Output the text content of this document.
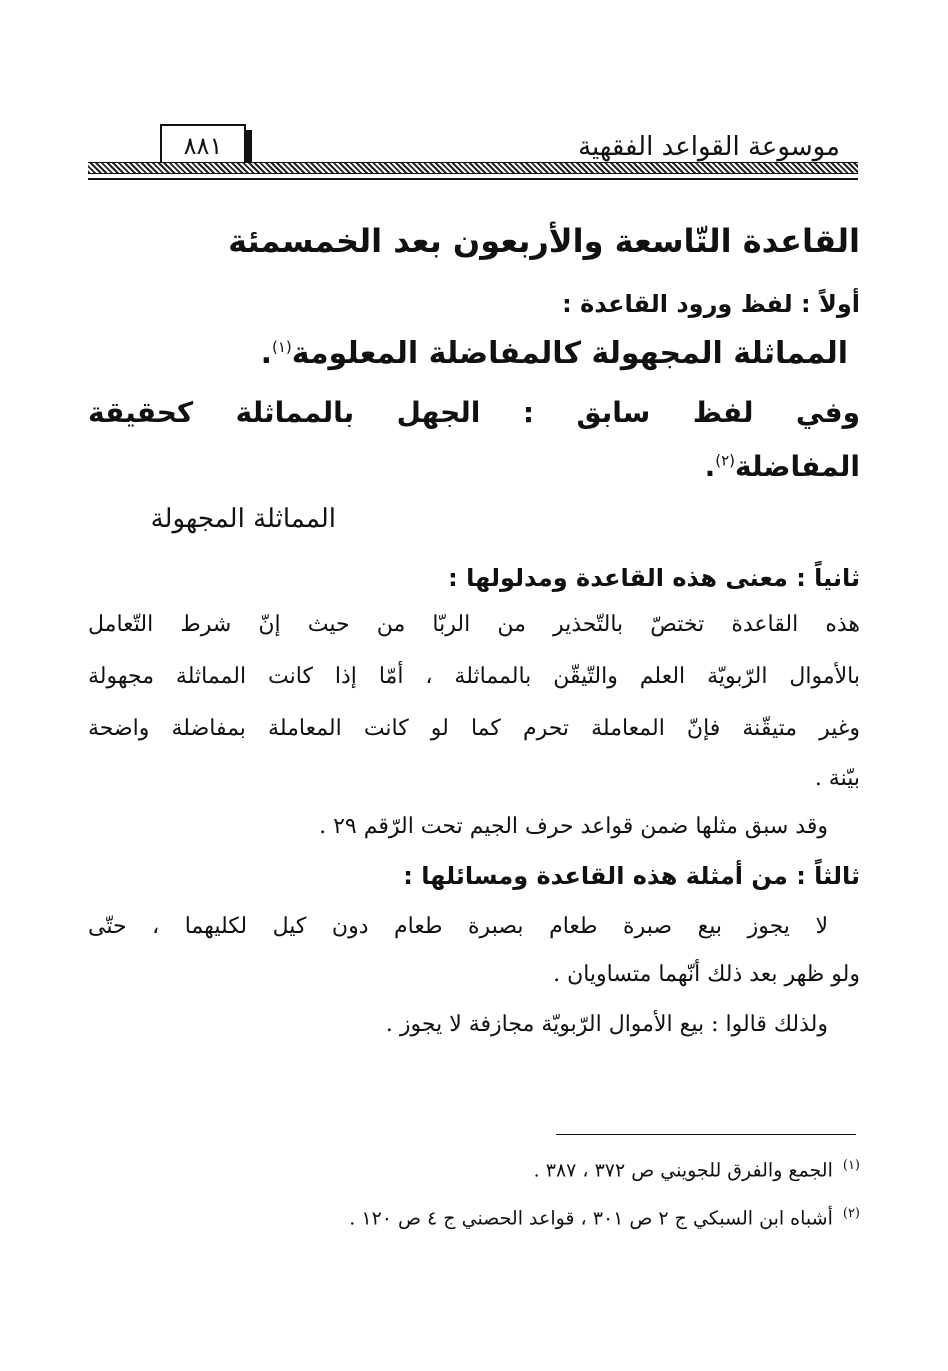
موسوعة القواعد الفقهية
٨٨١
القاعدة التّاسعة والأربعون بعد الخمسمئة
أولاً : لفظ ورود القاعدة :
المماثلة المجهولة كالمفاضلة المعلومة$^{(١)}$.
وفي لفظ سابق : الجهل بالمماثلة كحقيقة
المفاضلة$^{(٢)}$.
المماثلة المجهولة
ثانياً : معنى هذه القاعدة ومدلولها :
هذه القاعدة تختصّ بالتّحذير من الربّا من حيث إنّ شرط التّعامل
بالأموال الرّبويّة العلم والتّيقّن بالمماثلة ، أمّا إذا كانت المماثلة مجهولة
وغير متيقّنة فإنّ المعاملة تحرم كما لو كانت المعاملة بمفاضلة واضحة
بيّنة .
وقد سبق مثلها ضمن قواعد حرف الجيم تحت الرّقم ٢٩ .
ثالثاً : من أمثلة هذه القاعدة ومسائلها :
لا يجوز بيع صبرة طعام بصبرة طعام دون كيل لكليهما ، حتّى
ولو ظهر بعد ذلك أنّهما متساويان .
ولذلك قالوا : بيع الأموال الرّبويّة مجازفة لا يجوز .
$^{(١)}$الجمع والفرق للجويني ص ٣٧٢ ، ٣٨٧ .
$^{(٢)}$أشباه ابن السبكي ج ٢ ص ٣٠١ ، قواعد الحصني ج ٤ ص ١٢٠ .
